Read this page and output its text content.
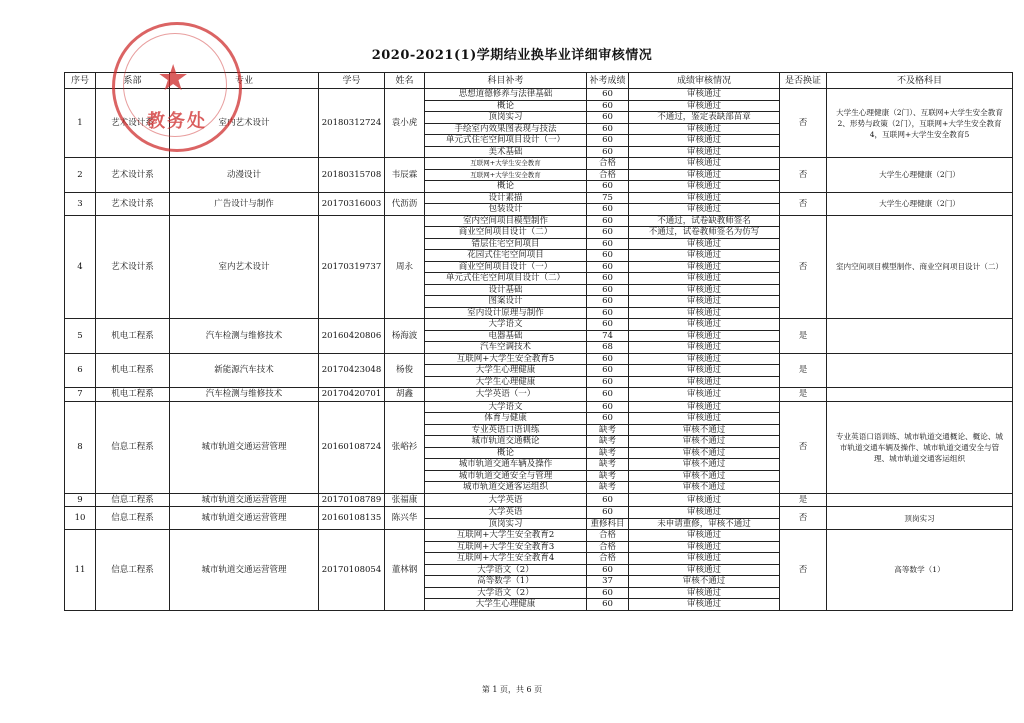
2020-2021(1)学期结业换毕业详细审核情况
序号	系部	专业	学号	姓名	科目补考	补考成绩	成绩审核情况	是否换证	不及格科目
1	艺术设计系	室内艺术设计	20180312724	袁小虎	思想道德修养与法律基础	60	审核通过	否	大学生心理健康（2门）、互联网+大学生安全教育2、形势与政策（2门），互联网+大学生安全教育4，互联网+大学生安全教育5
					概论	60	审核通过		
					顶岗实习	60	不通过，鉴定表缺部苗章		
					手绘室内效果图表现与技法	60	审核通过		
					单元式住宅空间项目设计（一）	60	审核通过		
					美术基础	60	审核通过		
2	艺术设计系	动漫设计	20180315708	韦辰霖	互联网+大学生安全教育	合格	审核通过	否	大学生心理健康（2门）
					互联网+大学生安全教育	合格	审核通过		
					概论	60	审核通过		
3	艺术设计系	广告设计与制作	20170316003	代沥沥	设计素描	75	审核通过	否	大学生心理健康（2门）
					包装设计	60	审核通过		
4	艺术设计系	室内艺术设计	20170319737	周永	室内空间项目模型制作	60	不通过，试卷缺教师签名	否	室内空间项目模型制作、商业空间项目设计（二）
					商业空间项目设计（二）	60	不通过，试卷教师签名为仿写		
					错层住宅空间项目	60	审核通过		
					花园式住宅空间项目	60	审核通过		
					商业空间项目设计（一）	60	审核通过		
					单元式住宅空间项目设计（二）	60	审核通过		
					设计基础	60	审核通过		
					图案设计	60	审核通过		
					室内设计原理与制作	60	审核通过		
5	机电工程系	汽车检测与维修技术	20160420806	杨海波	大学语文	60	审核通过	是	
					电器基础	74	审核通过		
					汽车空调技术	68	审核通过		
6	机电工程系	新能源汽车技术	20170423048	杨俊	互联网+大学生安全教育5	60	审核通过	是	
					大学生心理健康	60	审核通过		
					大学生心理健康	60	审核通过		
7	机电工程系	汽车检测与维修技术	20170420701	胡鑫	大学英语（一）	60	审核通过	是	
8	信息工程系	城市轨道交通运营管理	20160108724	张峪衫	大学语文	60	审核通过	否	专业英语口语训练、城市轨道交通概论、概论、城市轨道交通车辆及操作、城市轨道交通安全与管理、城市轨道交通客运组织
					体育与健康	60	审核通过		
					专业英语口语训练	缺考	审核不通过		
					城市轨道交通概论	缺考	审核不通过		
					概论	缺考	审核不通过		
					城市轨道交通车辆及操作	缺考	审核不通过		
					城市轨道交通安全与管理	缺考	审核不通过		
					城市轨道交通客运组织	缺考	审核不通过		
9	信息工程系	城市轨道交通运营管理	20170108789	张福康	大学英语	60	审核通过	是	
10	信息工程系	城市轨道交通运营管理	20160108135	陈兴华	大学英语	60	审核通过	否	顶岗实习
					顶岗实习	重修科目	未申请重修，审核不通过		
11	信息工程系	城市轨道交通运营管理	20170108054	董林钢	互联网+大学生安全教育2	合格	审核通过	否	高等数学（1）
					互联网+大学生安全教育3	合格	审核通过		
					互联网+大学生安全教育4	合格	审核通过		
					大学语文（2）	60	审核通过		
					高等数学（1）	37	审核不通过		
					大学语文（2）	60	审核通过		
					大学生心理健康	60	审核通过		
★
教务处
第 1 页，共 6 页
